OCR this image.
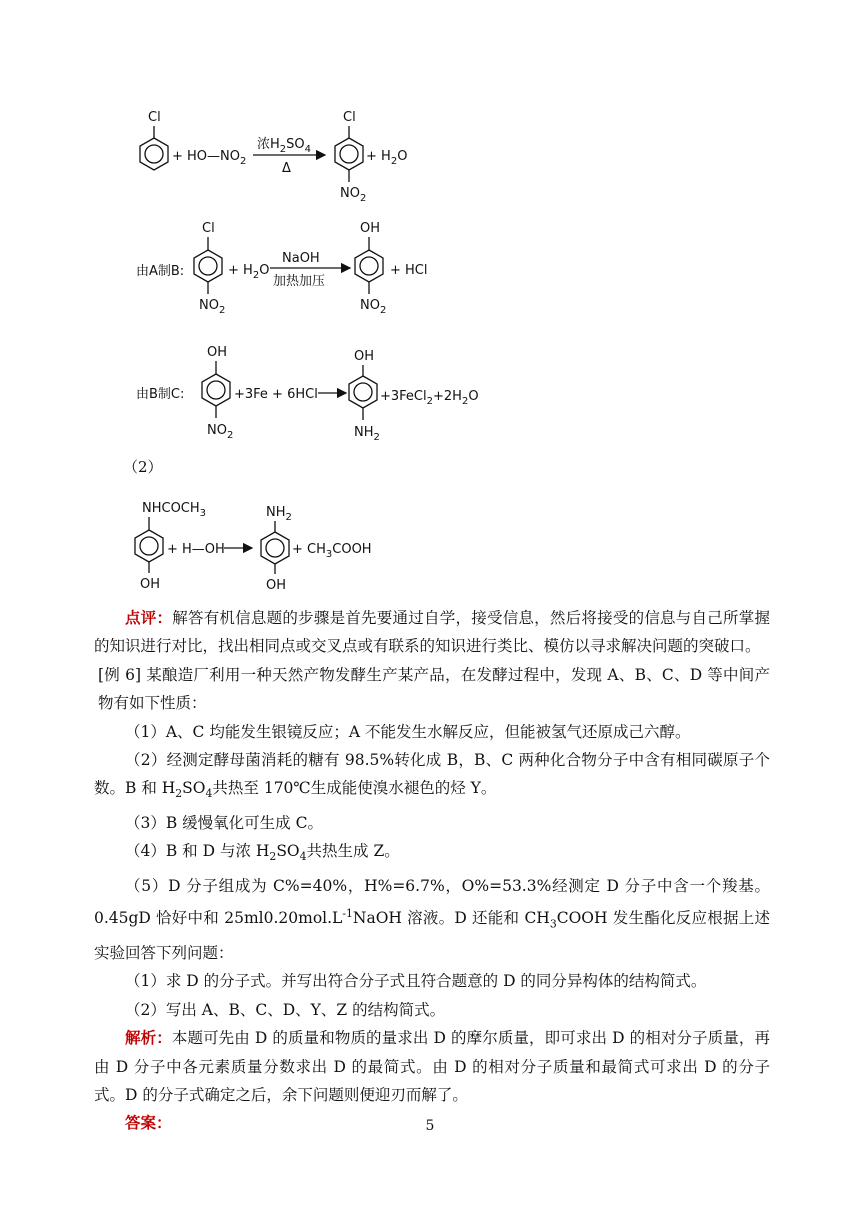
Cl
+ $HO—NO_2$
浓$H_2SO_4$
Δ
Cl
$NO_2$
+ $H_2O$
由A制B:
Cl
$NO_2$
+ $H_2O$
NaOH
加热加压
OH
$NO_2$
+ HCl
由B制C:
OH
$NO_2$
+3Fe + 6HCl
OH
$NH_2$
$+3FeCl_2+2H_2O$
$NHCOCH_3$
OH
+ H—OH
$NH_2$
OH
+ $CH_3COOH$
（2）

点评：解答有机信息题的步骤是首先要通过自学，接受信息，然后将接受的信息与自己所掌握的知识进行对比，找出相同点或交叉点或有联系的知识进行类比、模仿以寻求解决问题的突破口。

[例 6] 某酿造厂利用一种天然产物发酵生产某产品，在发酵过程中，发现 A、B、C、D 等中间产物有如下性质：

（1）A、C 均能发生银镜反应；A 不能发生水解反应，但能被氢气还原成己六醇。

（2）经测定酵母菌消耗的糖有 98.5%转化成 B，B、C 两种化合物分子中含有相同碳原子个数。B 和 $H_2SO_4$共热至 170℃生成能使溴水褪色的烃 Y。

（3）B 缓慢氧化可生成 C。

（4）B 和 D 与浓 $H_2SO_4$共热生成 Z。

（5）D 分子组成为 C%=40%，H%=6.7%，O%=53.3%经测定 D 分子中含一个羧基。0.45gD 恰好中和 $25ml0.20mol.L^{-1}NaOH$ 溶液。D 还能和 $CH_3COOH$ 发生酯化反应根据上述实验回答下列问题：

（1）求 D 的分子式。并写出符合分子式且符合题意的 D 的同分异构体的结构简式。

（2）写出 A、B、C、D、Y、Z 的结构简式。

解析：本题可先由 D 的质量和物质的量求出 D 的摩尔质量，即可求出 D 的相对分子质量，再由 D 分子中各元素质量分数求出 D 的最简式。由 D 的相对分子质量和最简式可求出 D 的分子式。D 的分子式确定之后，余下问题则便迎刃而解了。

答案：	5
